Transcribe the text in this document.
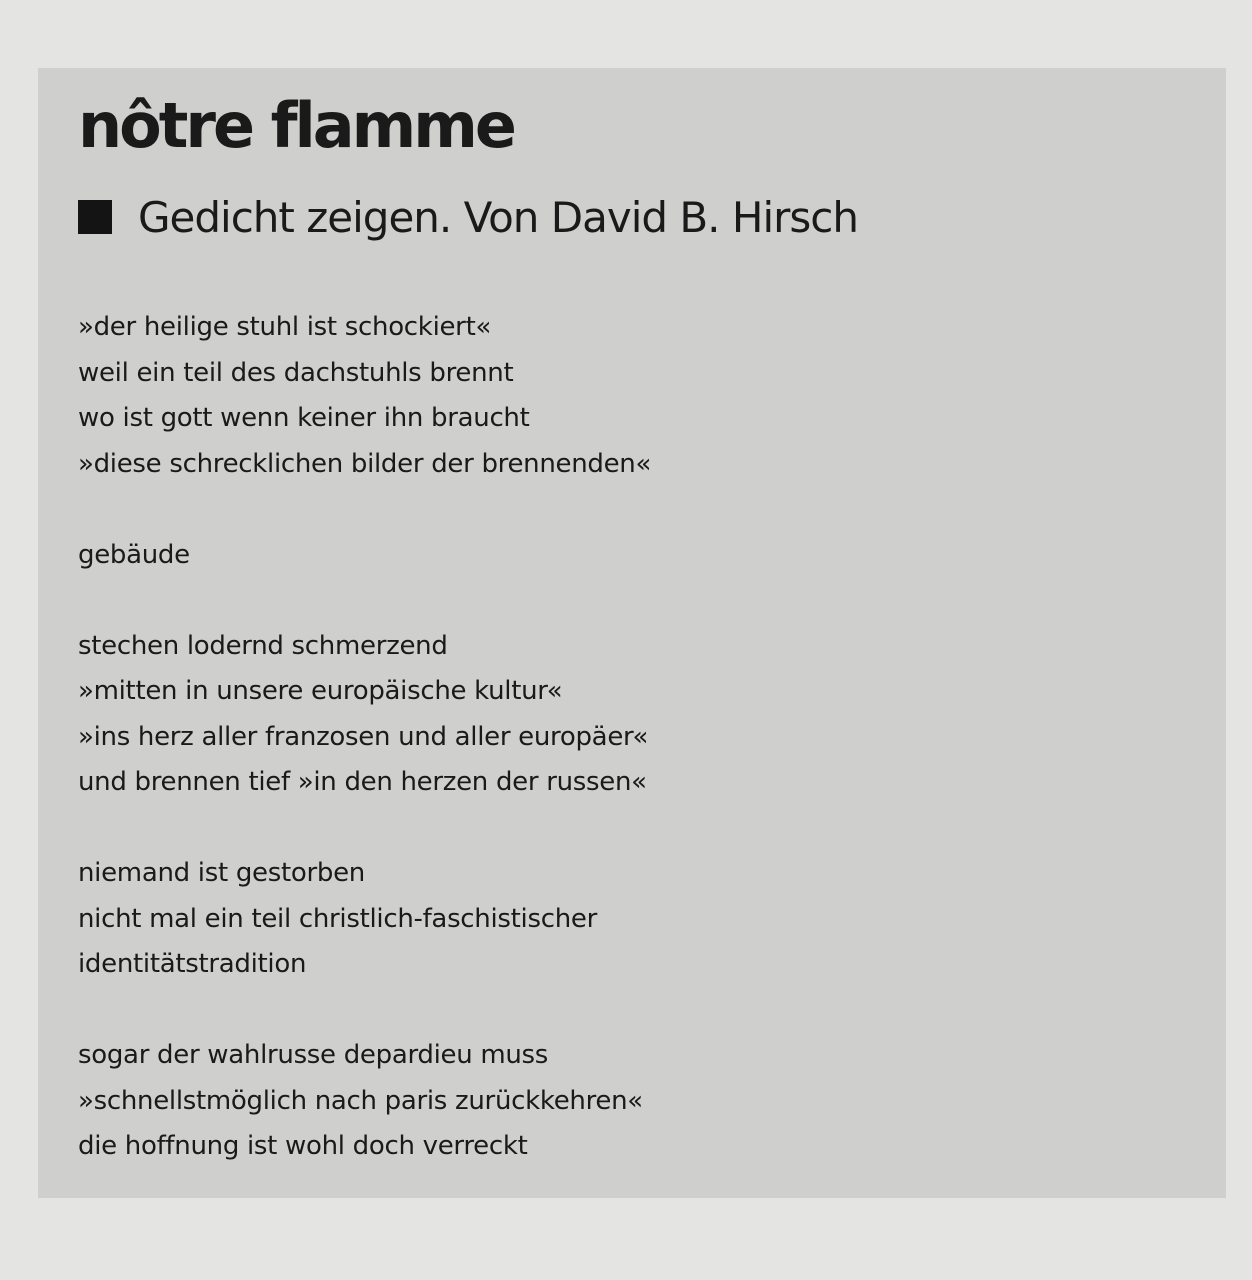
nôtre flamme
Gedicht zeigen. Von David B. Hirsch
»der heilige stuhl ist schockiert«
weil ein teil des dachstuhls brennt
wo ist gott wenn keiner ihn braucht
»diese schrecklichen bilder der brennenden«
gebäude
stechen lodernd schmerzend
»mitten in unsere europäische kultur«
»ins herz aller franzosen und aller europäer«
und brennen tief »in den herzen der russen«
niemand ist gestorben
nicht mal ein teil christlich-faschistischer
identitätstradition
sogar der wahlrusse depardieu muss
»schnellstmöglich nach paris zurückkehren«
die hoffnung ist wohl doch verreckt
